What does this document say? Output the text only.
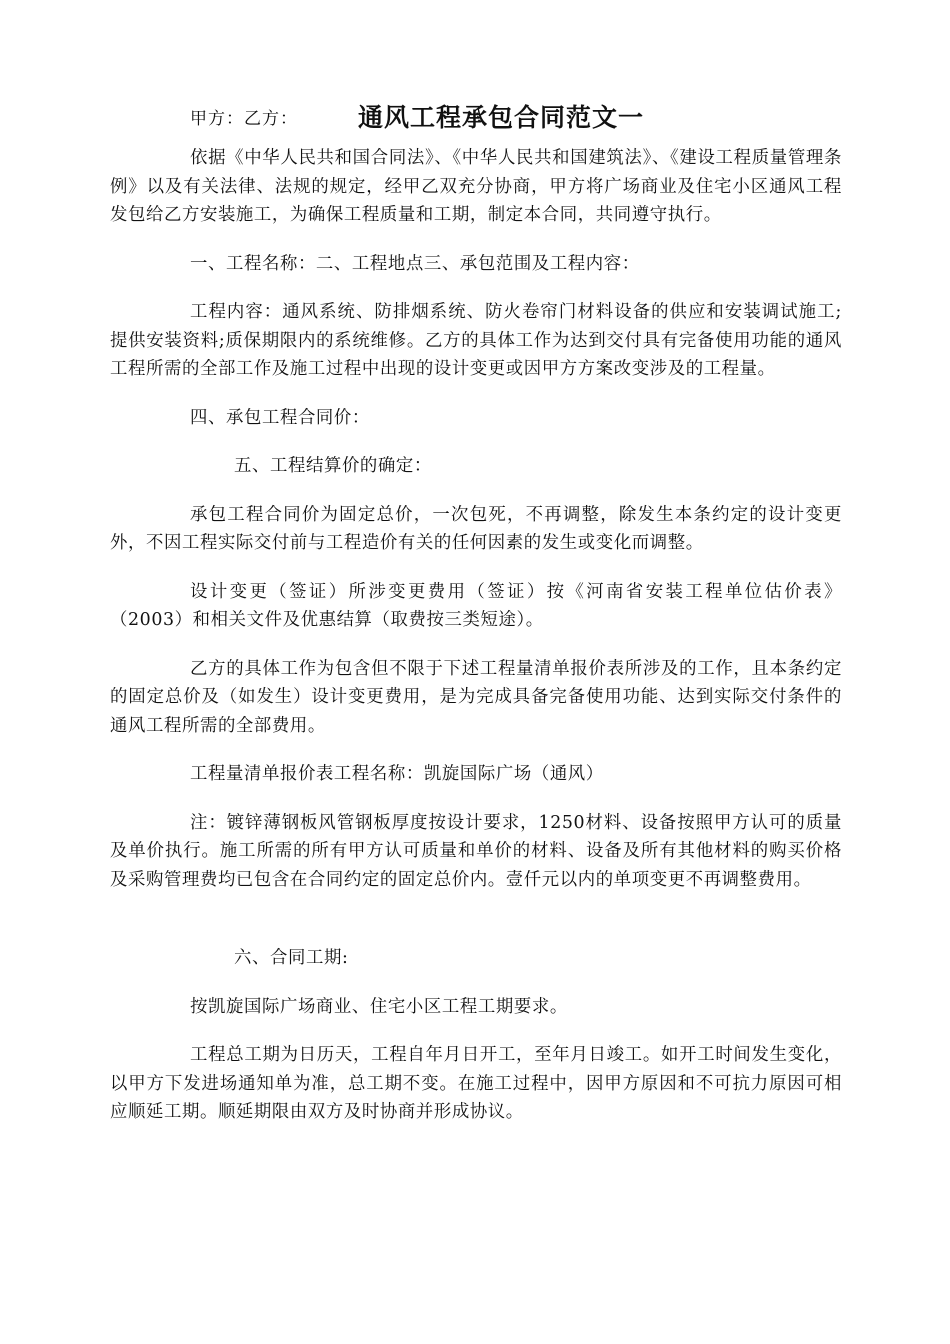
甲方：乙方： 通风工程承包合同范文一

依据《中华人民共和国合同法》、《中华人民共和国建筑法》、《建设工程质量管理条例》以及有关法律、法规的规定，经甲乙双充分协商，甲方将广场商业及住宅小区通风工程发包给乙方安装施工，为确保工程质量和工期，制定本合同，共同遵守执行。

一、工程名称：二、工程地点三、承包范围及工程内容：

工程内容：通风系统、防排烟系统、防火卷帘门材料设备的供应和安装调试施工;提供安装资料;质保期限内的系统维修。乙方的具体工作为达到交付具有完备使用功能的通风工程所需的全部工作及施工过程中出现的设计变更或因甲方方案改变涉及的工程量。

四、承包工程合同价：

五、工程结算价的确定：

承包工程合同价为固定总价，一次包死，不再调整，除发生本条约定的设计变更外，不因工程实际交付前与工程造价有关的任何因素的发生或变化而调整。

设计变更（签证）所涉变更费用（签证）按《河南省安装工程单位估价表》（2003）和相关文件及优惠结算（取费按三类短途）。

乙方的具体工作为包含但不限于下述工程量清单报价表所涉及的工作，且本条约定的固定总价及（如发生）设计变更费用，是为完成具备完备使用功能、达到实际交付条件的通风工程所需的全部费用。

工程量清单报价表工程名称：凯旋国际广场（通风）

注：镀锌薄钢板风管钢板厚度按设计要求，1250材料、设备按照甲方认可的质量及单价执行。施工所需的所有甲方认可质量和单价的材料、设备及所有其他材料的购买价格及采购管理费均已包含在合同约定的固定总价内。壹仟元以内的单项变更不再调整费用。

六、合同工期:

按凯旋国际广场商业、住宅小区工程工期要求。

工程总工期为日历天，工程自年月日开工，至年月日竣工。如开工时间发生变化，以甲方下发进场通知单为准，总工期不变。在施工过程中，因甲方原因和不可抗力原因可相应顺延工期。顺延期限由双方及时协商并形成协议。
